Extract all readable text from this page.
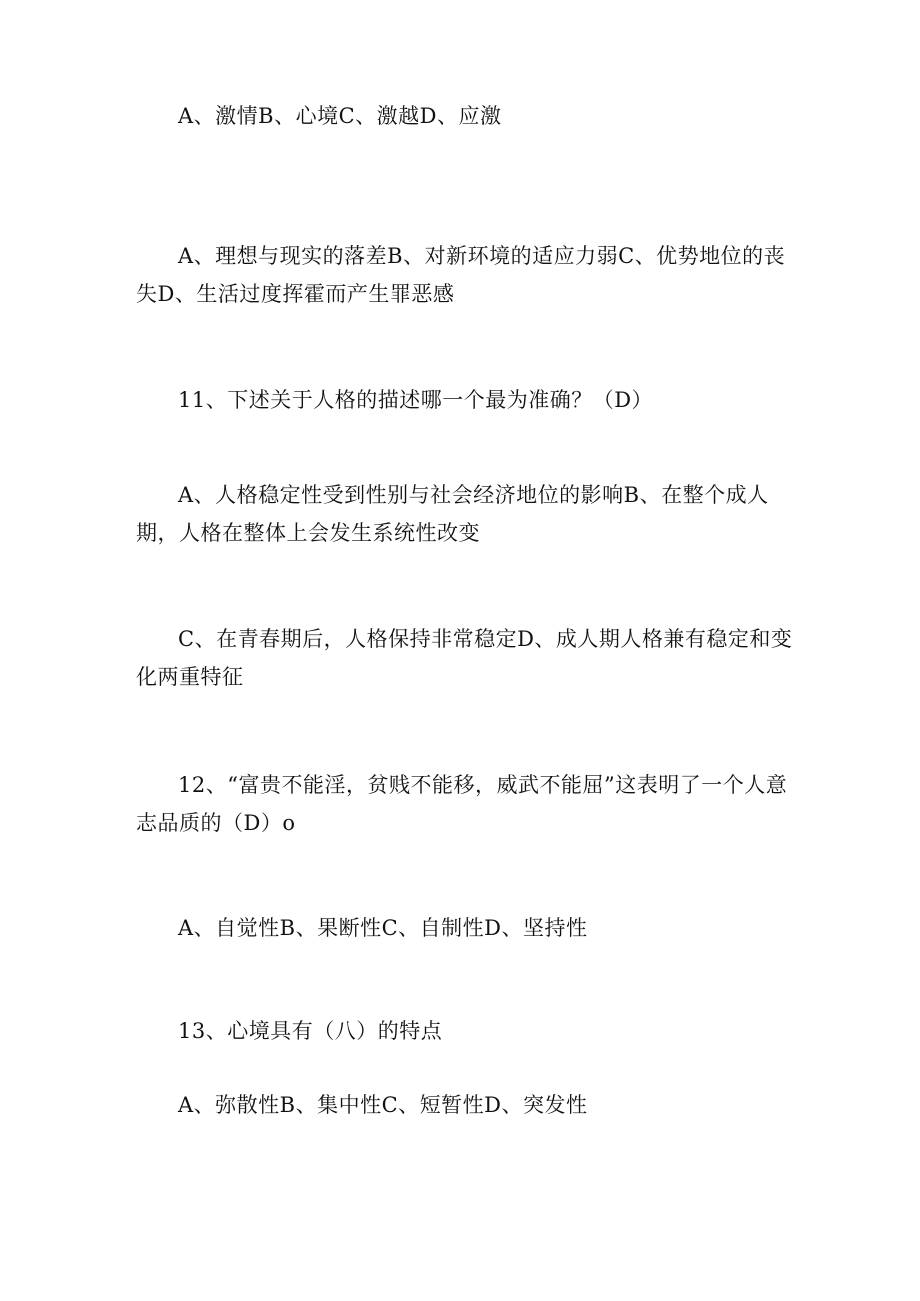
A、激情B、心境C、激越D、应激

A、理想与现实的落差B、对新环境的适应力弱C、优势地位的丧失D、生活过度挥霍而产生罪恶感

11、下述关于人格的描述哪一个最为准确？（D）

A、人格稳定性受到性别与社会经济地位的影响B、在整个成人期，人格在整体上会发生系统性改变

C、在青春期后，人格保持非常稳定D、成人期人格兼有稳定和变化两重特征

12、“富贵不能淫，贫贱不能移，威武不能屈”这表明了一个人意志品质的（D）o

A、自觉性B、果断性C、自制性D、坚持性

13、心境具有（八）的特点

A、弥散性B、集中性C、短暂性D、突发性
